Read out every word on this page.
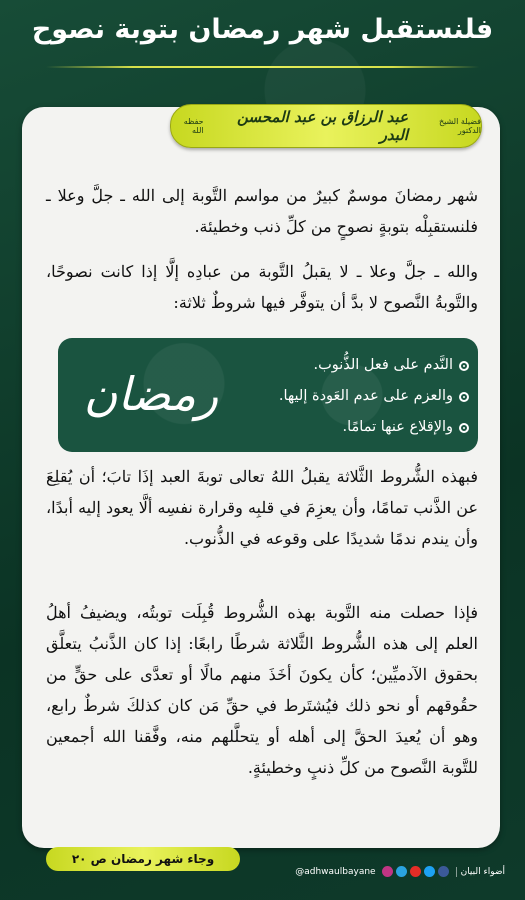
فلنستقبل شهر رمضان بتوبة نصوح
فضيلة الشيخ الدكتور
عبد الرزاق بن عبد المحسن البدر
حفظه الله
شهر رمضانَ موسمٌ كبيرٌ من مواسم التَّوبة إلى الله ـ جلَّ وعلا ـ فلنستقبِلْه بتوبةٍ نصوحٍ من كلِّ ذنب وخطيئة.
والله ـ جلَّ وعلا ـ لا يقبلُ التَّوبة من عبادِه إلَّا إذا كانت نصوحًا، والتَّوبةُ النَّصوح لا بدَّ أن يتوفَّر فيها شروطٌ ثلاثة:
النَّدم على فعل الذُّنوب.
والعزم على عدم العَودة إليها.
والإقلاع عنها تمامًا.
رمضان
فبهذه الشُّروط الثَّلاثة يقبلُ اللهُ تعالى توبةَ العبد إذَا تابَ؛ أن يُقلِعَ عن الذَّنب تمامًا، وأن يعزِمَ في قلبِه وقرارة نفسِه ألَّا يعود إليه أبدًا، وأن يندم ندمًا شديدًا على وقوعه في الذُّنوب.
فإذا حصلت منه التَّوبة بهذه الشُّروط قُبِلَت توبتُه، ويضيفُ أهلُ العلم إلى هذه الشُّروط الثَّلاثة شرطًا رابعًا: إذا كان الذَّنبُ يتعلَّق بحقوق الآدميِّين؛ كأن يكونَ أخَذَ منهم مالًا أو تعدَّى على حقٍّ من حقُوقهم أو نحو ذلك فيُشتَرط في حقِّ مَن كان كذلكَ شرطٌ رابع، وهو أن يُعيدَ الحقَّ إلى أهله أو يتحلَّلهم منه، وفَّقنا الله أجمعين للتَّوبة النَّصوح من كلِّ ذنبٍ وخطيئةٍ.
وجاء شهر رمضان ص ٢٠
@adhwaulbayane	أضواء البيان
